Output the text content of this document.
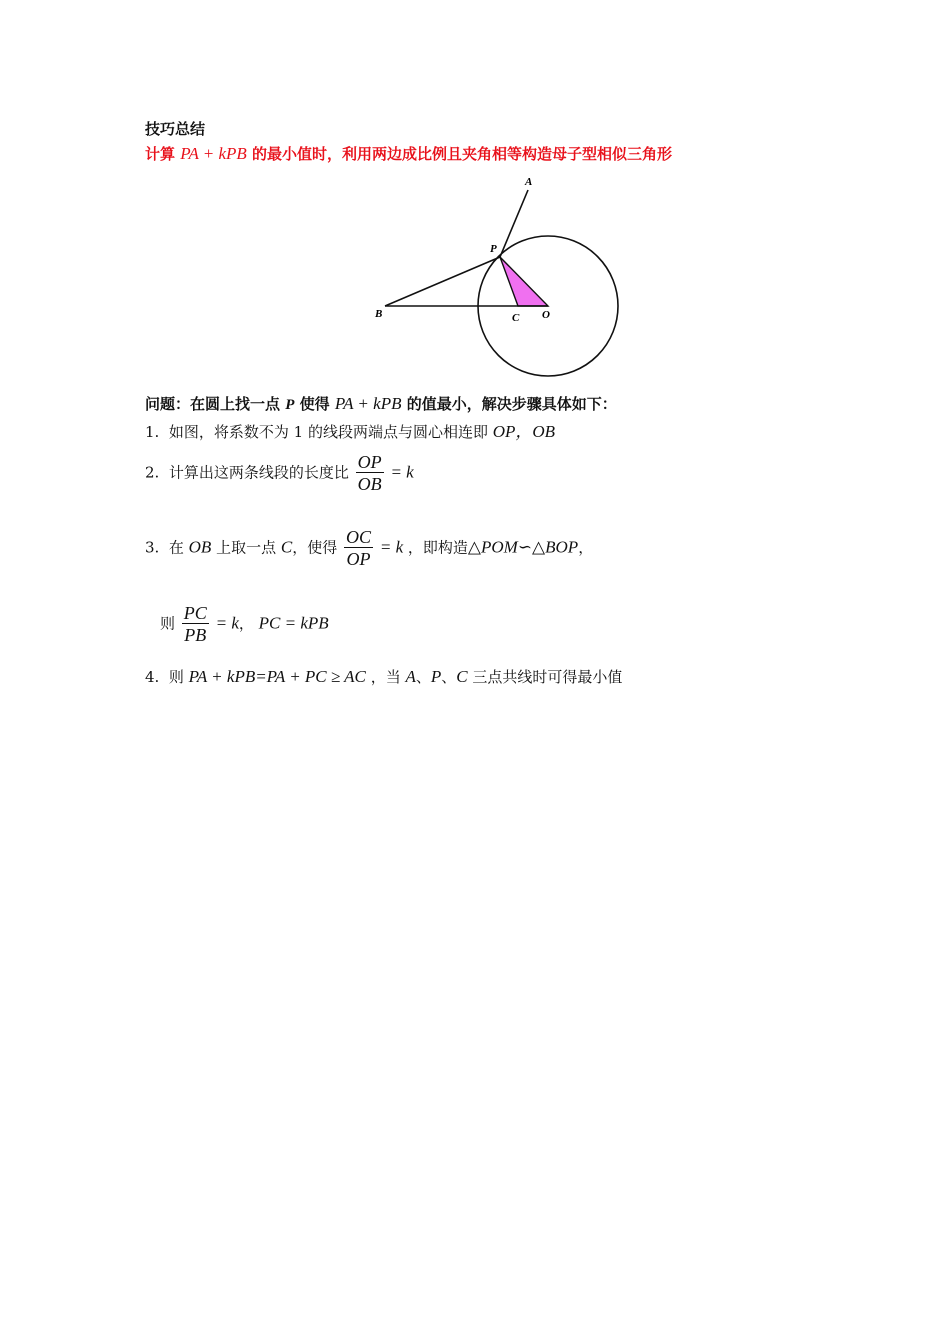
技巧总结
计算 PA + kPB 的最小值时，利用两边成比例且夹角相等构造母子型相似三角形
A
P
B	C O
问题：在圆上找一点 P 使得 PA + kPB 的值最小，解决步骤具体如下：
1. 如图，将系数不为 1 的线段两端点与圆心相连即 OP，OB
2. 计算出这两条线段的长度比 $\frac{OP}{OB} = k$
3. 在 OB 上取一点 C，使得 $\frac{OC}{OP} = k$ ，即构造△POM∽△BOP，
则 $\frac{PC}{PB} = k$， PC = kPB
4. 则 PA + kPB=PA + PC ≥ AC ，当 A、P、C 三点共线时可得最小值
